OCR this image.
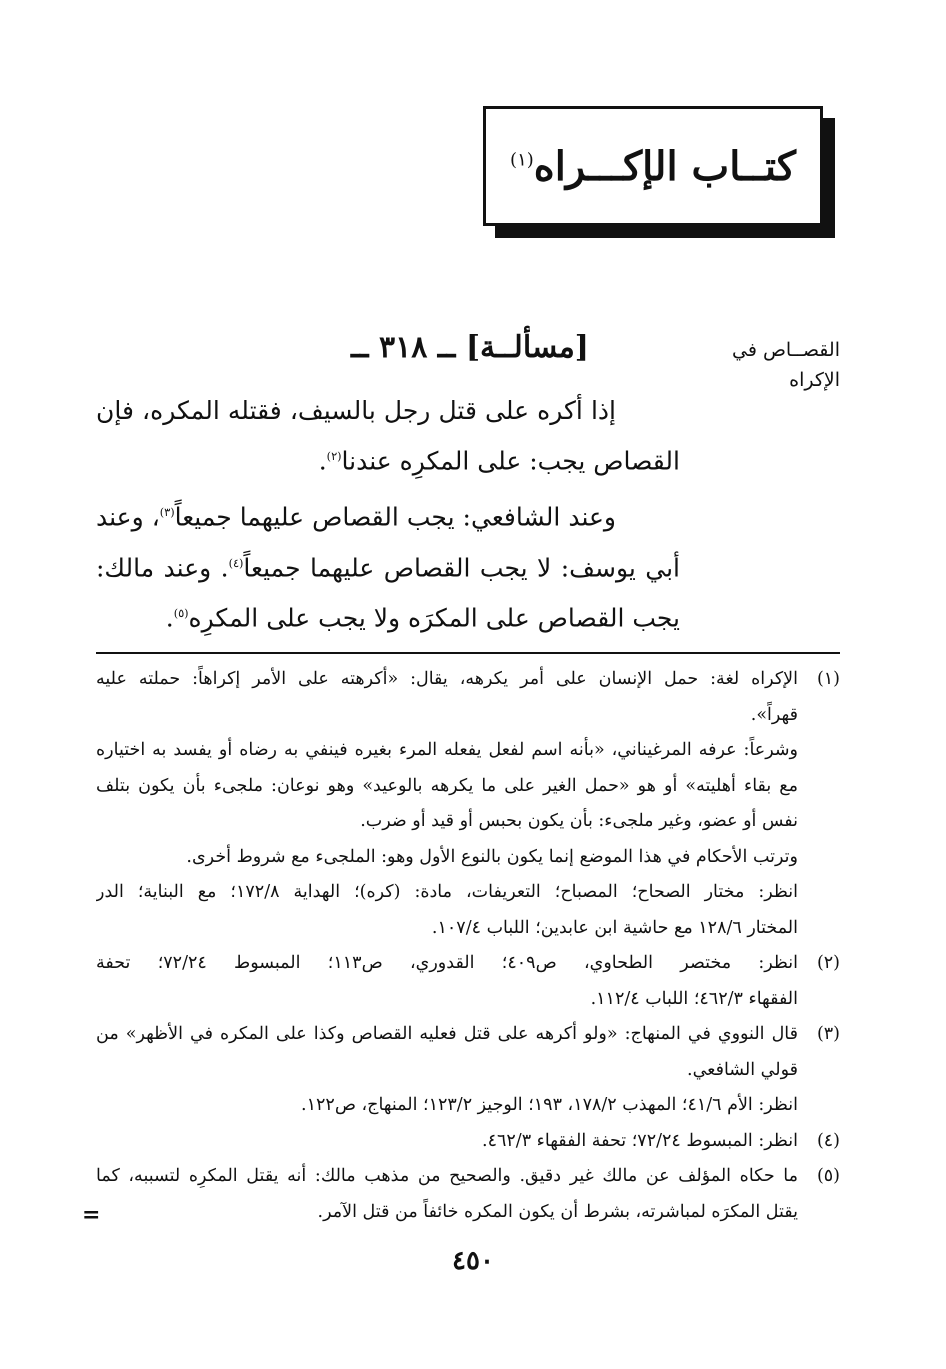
كتــاب الإكـــراه$^{(١)}$
القصــاص في
الإكراه
[مسألــة] ــ ٣١٨ ــ

إذا أكره على قتل رجل بالسيف، فقتله المكره، فإن القصاص يجب: على المكرِه عندنا$^{(٢)}$.

وعند الشافعي: يجب القصاص عليهما جميعاً$^{(٣)}$، وعند أبي يوسف: لا يجب القصاص عليهما جميعاً$^{(٤)}$. وعند مالك: يجب القصاص على المكرَه ولا يجب على المكرِه$^{(٥)}$.

(١)
الإكراه لغة: حمل الإنسان على أمر يكرهه، يقال: «أكرهته على الأمر إكراهاً: حملته عليه
قهراً».
وشرعاً: عرفه المرغيناني، «بأنه اسم لفعل يفعله المرء بغيره فينفي به رضاه أو يفسد به اختياره
مع بقاء أهليته» أو هو «حمل الغير على ما يكرهه بالوعيد» وهو نوعان: ملجىء بأن يكون بتلف
نفس أو عضو، وغير ملجىء: بأن يكون بحبس أو قيد أو ضرب.
وترتب الأحكام في هذا الموضع إنما يكون بالنوع الأول وهو: الملجىء مع شروط أخرى.
انظر: مختار الصحاح؛ المصباح؛ التعريفات، مادة: (كره)؛ الهداية ١٧٢/٨؛ مع البناية؛ الدر
المختار ١٢٨/٦ مع حاشية ابن عابدين؛ اللباب ١٠٧/٤.
(٢)
انظر: مختصر الطحاوي، ص٤٠٩؛ القدوري، ص١١٣؛ المبسوط ٧٢/٢٤؛ تحفة
الفقهاء ٤٦٢/٣؛ اللباب ١١٢/٤.
(٣)
قال النووي في المنهاج: «ولو أكرهه على قتل فعليه القصاص وكذا على المكره في الأظهر» من
قولي الشافعي.
انظر: الأم ٤١/٦؛ المهذب ١٧٨/٢، ١٩٣؛ الوجيز ١٢٣/٢؛ المنهاج، ص١٢٢.
(٤)
انظر: المبسوط ٧٢/٢٤؛ تحفة الفقهاء ٤٦٢/٣.
(٥)
ما حكاه المؤلف عن مالك غير دقيق. والصحيح من مذهب مالك: أنه يقتل المكرِه لتسببه، كما
يقتل المكرَه لمباشرته، بشرط أن يكون المكره خائفاً من قتل الآمر.
=
٤٥٠
